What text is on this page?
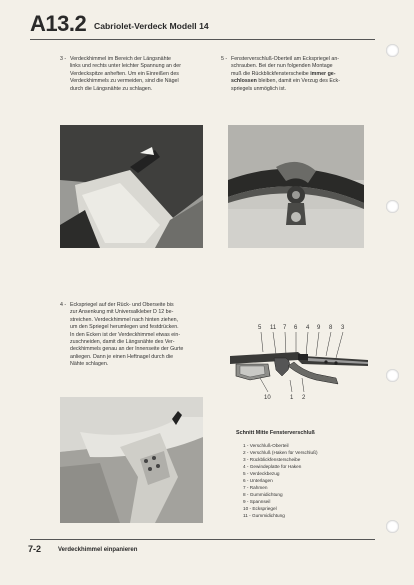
A13.2 Cabriolet-Verdeck Modell 14
3 - Verdeckhimmel im Bereich der Längsnähte
links und rechts unter leichter Spannung an der
Verdeckspitze anheften. Um ein Einreißen des
Verdeckhimmels zu vermeiden, sind die Nägel
durch die Längsnähte zu schlagen.
5 - Fensterverschluß-Oberteil am Eckspriegel an-
schrauben. Bei der nun folgenden Montage
muß die Rückblickfensterscheibe immer ge-
schlossen bleiben, damit ein Verzug des Eck-
spriegels unmöglich ist.
4 - Eckspriegel auf der Rück- und Oberseite bis
zur Ansenkung mit Universalkleber D 12 be-
streichen. Verdeckhimmel nach hinten ziehen,
um den Spriegel herumlegen und festdrücken.
In den Ecken ist der Verdeckhimmel etwas ein-
zuschneiden, damit die Längsnähte des Ver-
deckhimmels genau an der Innenseite der Gurte
anliegen. Dann je einen Heftnagel durch die
Nähte schlagen.
5 11 7 6 4 9 8 3
10	1 2
Schnitt Mitte Fensterverschluß
1 - Verschluß-Oberteil
2 - Verschluß (Haken für Verschluß)
3 - Rückblickfensterscheibe
4 - Gewindeplatte für Haken
5 - Verdeckbezug
6 - Unterlagen
7 - Rahmen
8 - Gummidichtung
9 - Spannseil
10 - Eckspriegel
11 - Gummidichtung
7-2	Verdeckhimmel einpanieren
